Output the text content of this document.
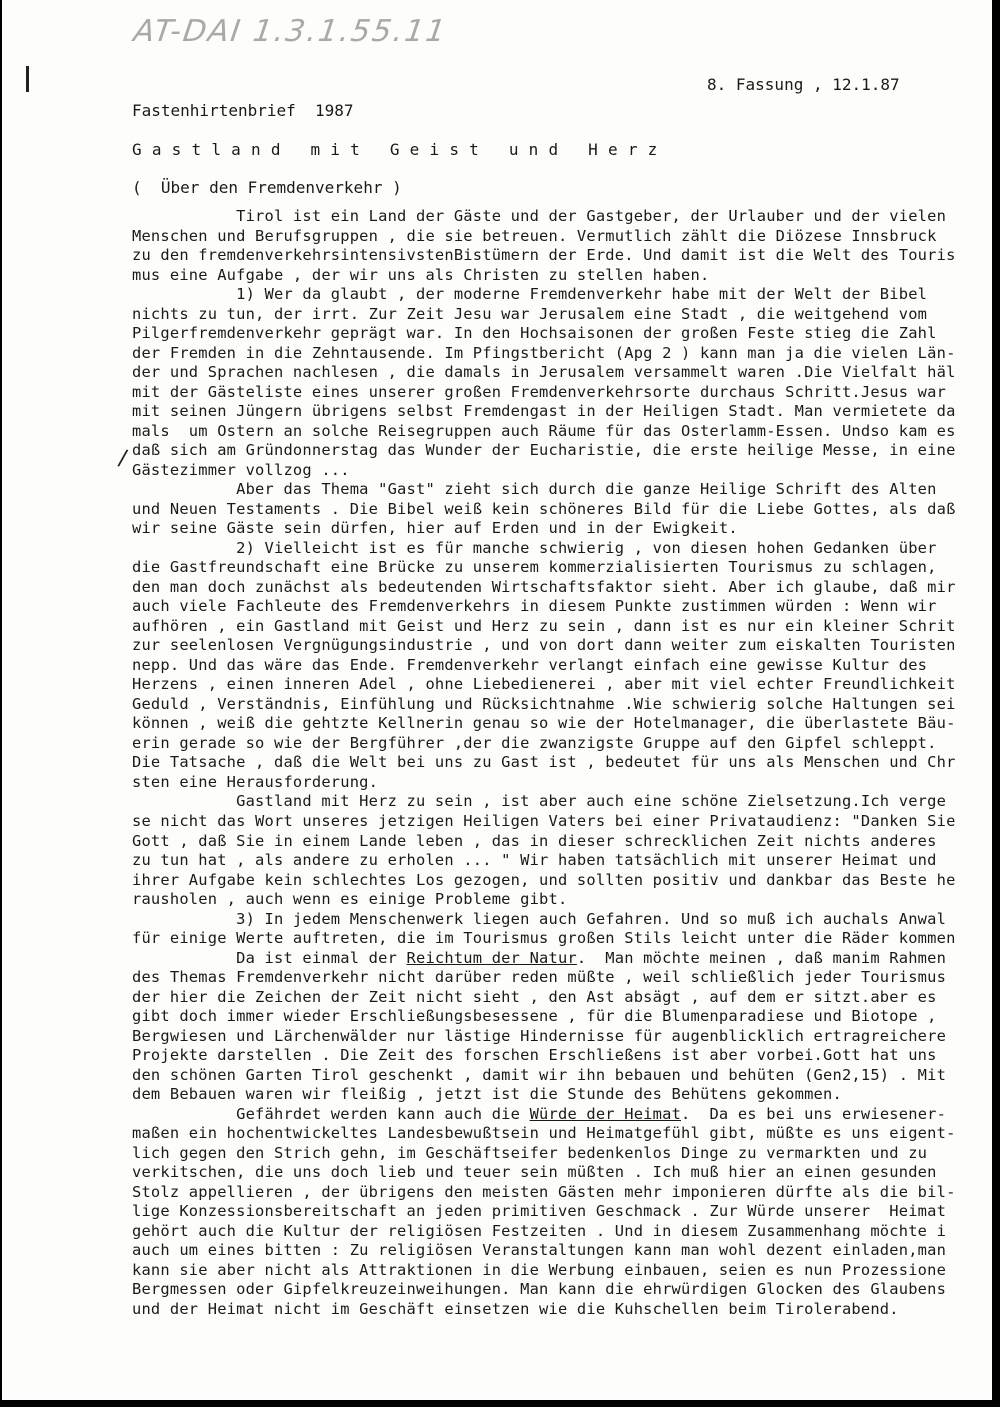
AT-DAI 1.3.1.55.11
/
8. Fassung , 12.1.87
Fastenhirtenbrief  1987
Gastland mit Geist und Herz
(  Über den Fremdenverkehr )
Tirol ist ein Land der Gäste und der Gastgeber, der Urlauber und der vielen
Menschen und Berufsgruppen , die sie betreuen. Vermutlich zählt die Diözese Innsbruck
zu den fremdenverkehrsintensivstenBistümern der Erde. Und damit ist die Welt des Touris
mus eine Aufgabe , der wir uns als Christen zu stellen haben.
1) Wer da glaubt , der moderne Fremdenverkehr habe mit der Welt der Bibel
nichts zu tun, der irrt. Zur Zeit Jesu war Jerusalem eine Stadt , die weitgehend vom
Pilgerfremdenverkehr geprägt war. In den Hochsaisonen der großen Feste stieg die Zahl
der Fremden in die Zehntausende. Im Pfingstbericht (Apg 2 ) kann man ja die vielen Län-
der und Sprachen nachlesen , die damals in Jerusalem versammelt waren .Die Vielfalt häl
mit der Gästeliste eines unserer großen Fremdenverkehrsorte durchaus Schritt.Jesus war
mit seinen Jüngern übrigens selbst Fremdengast in der Heiligen Stadt. Man vermietete da
mals  um Ostern an solche Reisegruppen auch Räume für das Osterlamm-Essen. Undso kam es
daß sich am Gründonnerstag das Wunder der Eucharistie, die erste heilige Messe, in eine
Gästezimmer vollzog ...
Aber das Thema "Gast" zieht sich durch die ganze Heilige Schrift des Alten
und Neuen Testaments . Die Bibel weiß kein schöneres Bild für die Liebe Gottes, als daß
wir seine Gäste sein dürfen, hier auf Erden und in der Ewigkeit.
2) Vielleicht ist es für manche schwierig , von diesen hohen Gedanken über
die Gastfreundschaft eine Brücke zu unserem kommerzialisierten Tourismus zu schlagen,
den man doch zunächst als bedeutenden Wirtschaftsfaktor sieht. Aber ich glaube, daß mir
auch viele Fachleute des Fremdenverkehrs in diesem Punkte zustimmen würden : Wenn wir
aufhören , ein Gastland mit Geist und Herz zu sein , dann ist es nur ein kleiner Schrit
zur seelenlosen Vergnügungsindustrie , und von dort dann weiter zum eiskalten Touristen
nepp. Und das wäre das Ende. Fremdenverkehr verlangt einfach eine gewisse Kultur des
Herzens , einen inneren Adel , ohne Liebedienerei , aber mit viel echter Freundlichkeit
Geduld , Verständnis, Einfühlung und Rücksichtnahme .Wie schwierig solche Haltungen sei
können , weiß die gehtzte Kellnerin genau so wie der Hotelmanager, die überlastete Bäu-
erin gerade so wie der Bergführer ,der die zwanzigste Gruppe auf den Gipfel schleppt.
Die Tatsache , daß die Welt bei uns zu Gast ist , bedeutet für uns als Menschen und Chr
sten eine Herausforderung.
Gastland mit Herz zu sein , ist aber auch eine schöne Zielsetzung.Ich verge
se nicht das Wort unseres jetzigen Heiligen Vaters bei einer Privataudienz: "Danken Sie
Gott , daß Sie in einem Lande leben , das in dieser schrecklichen Zeit nichts anderes
zu tun hat , als andere zu erholen ... " Wir haben tatsächlich mit unserer Heimat und
ihrer Aufgabe kein schlechtes Los gezogen, und sollten positiv und dankbar das Beste he
rausholen , auch wenn es einige Probleme gibt.
3) In jedem Menschenwerk liegen auch Gefahren. Und so muß ich auchals Anwal
für einige Werte auftreten, die im Tourismus großen Stils leicht unter die Räder kommen
Da ist einmal der Reichtum der Natur.  Man möchte meinen , daß manim Rahmen
des Themas Fremdenverkehr nicht darüber reden müßte , weil schließlich jeder Tourismus
der hier die Zeichen der Zeit nicht sieht , den Ast absägt , auf dem er sitzt.aber es
gibt doch immer wieder Erschließungsbesessene , für die Blumenparadiese und Biotope ,
Bergwiesen und Lärchenwälder nur lästige Hindernisse für augenblicklich ertragreichere
Projekte darstellen . Die Zeit des forschen Erschließens ist aber vorbei.Gott hat uns
den schönen Garten Tirol geschenkt , damit wir ihn bebauen und behüten (Gen2,15) . Mit
dem Bebauen waren wir fleißig , jetzt ist die Stunde des Behütens gekommen.
Gefährdet werden kann auch die Würde der Heimat.  Da es bei uns erwiesener-
maßen ein hochentwickeltes Landesbewußtsein und Heimatgefühl gibt, müßte es uns eigent-
lich gegen den Strich gehn, im Geschäftseifer bedenkenlos Dinge zu vermarkten und zu
verkitschen, die uns doch lieb und teuer sein müßten . Ich muß hier an einen gesunden
Stolz appellieren , der übrigens den meisten Gästen mehr imponieren dürfte als die bil-
lige Konzessionsbereitschaft an jeden primitiven Geschmack . Zur Würde unserer  Heimat
gehört auch die Kultur der religiösen Festzeiten . Und in diesem Zusammenhang möchte i
auch um eines bitten : Zu religiösen Veranstaltungen kann man wohl dezent einladen,man
kann sie aber nicht als Attraktionen in die Werbung einbauen, seien es nun Prozessione
Bergmessen oder Gipfelkreuzeinweihungen. Man kann die ehrwürdigen Glocken des Glaubens
und der Heimat nicht im Geschäft einsetzen wie die Kuhschellen beim Tirolerabend.
